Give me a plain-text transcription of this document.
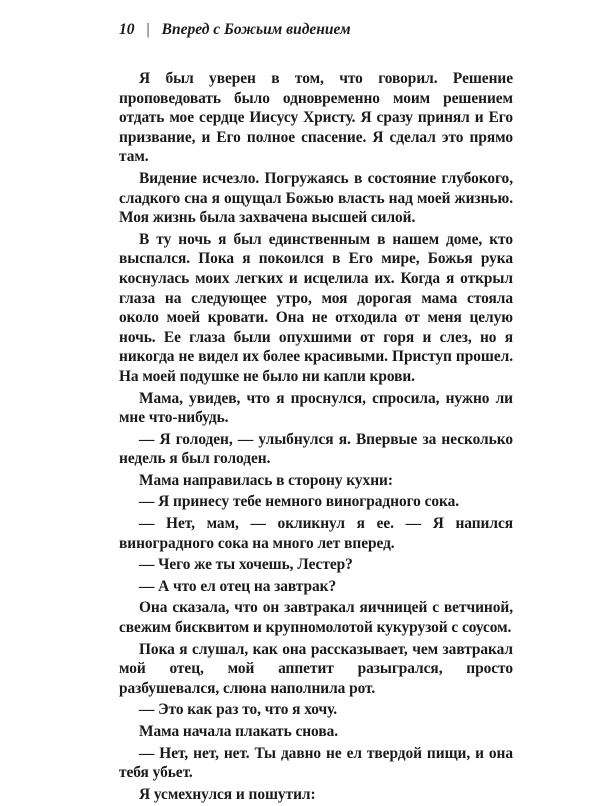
10 | Вперед с Божьим видением

Я был уверен в том, что говорил. Решение проповедовать было одновременно моим решением отдать мое сердце Иисусу Христу. Я сразу принял и Его призвание, и Его полное спасение. Я сделал это прямо там.

Видение исчезло. Погружаясь в состояние глубокого, сладкого сна я ощущал Божью власть над моей жизнью. Моя жизнь была захвачена высшей силой.

В ту ночь я был единственным в нашем доме, кто выспался. Пока я покоился в Его мире, Божья рука коснулась моих легких и исцелила их. Когда я открыл глаза на следующее утро, моя дорогая мама стояла около моей кровати. Она не отходила от меня целую ночь. Ее глаза были опухшими от горя и слез, но я никогда не видел их более красивыми. Приступ прошел. На моей подушке не было ни капли крови.

Мама, увидев, что я проснулся, спросила, нужно ли мне что-нибудь.

— Я голоден, — улыбнулся я. Впервые за несколько недель я был голоден.

Мама направилась в сторону кухни:

— Я принесу тебе немного виноградного сока.

— Нет, мам, — окликнул я ее. — Я напился виноградного сока на много лет вперед.

— Чего же ты хочешь, Лестер?

— А что ел отец на завтрак?

Она сказала, что он завтракал яичницей с ветчиной, свежим бисквитом и крупномолотой кукурузой с соусом.

Пока я слушал, как она рассказывает, чем завтракал мой отец, мой аппетит разыгрался, просто разбушевался, слюна наполнила рот.

— Это как раз то, что я хочу.

Мама начала плакать снова.

— Нет, нет, нет. Ты давно не ел твердой пищи, и она тебя убьет.

Я усмехнулся и пошутил:
